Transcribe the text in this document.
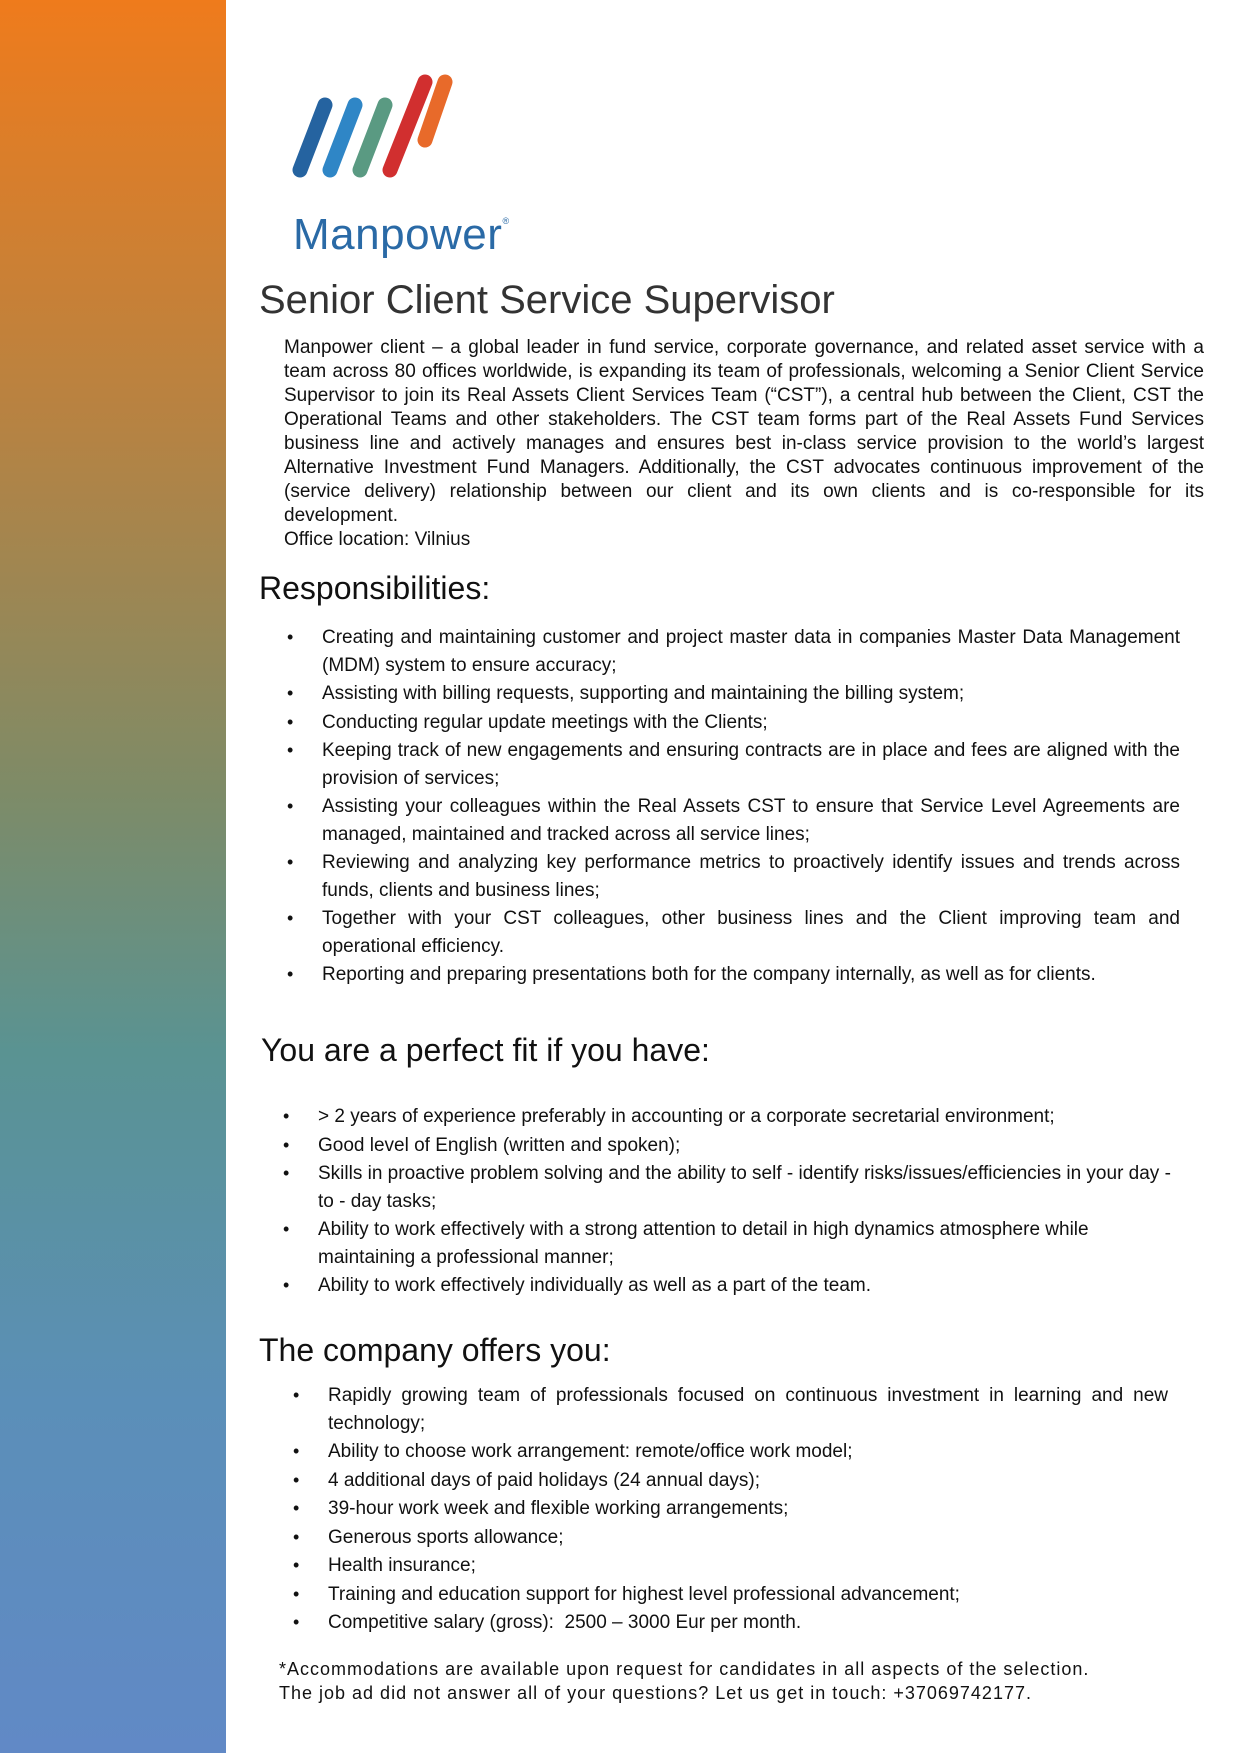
Manpower®
Senior Client Service Supervisor

Manpower client – a global leader in fund service, corporate governance, and related asset service with a team across 80 offices worldwide, is expanding its team of professionals, welcoming a Senior Client Service Supervisor to join its Real Assets Client Services Team (“CST”), a central hub between the Client, CST the Operational Teams and other stakeholders. The CST team forms part of the Real Assets Fund Services business line and actively manages and ensures best in-class service provision to the world’s largest Alternative Investment Fund Managers. Additionally, the CST advocates continuous improvement of the (service delivery) relationship between our client and its own clients and is co-responsible for its development.

Office location: Vilnius

Responsibilities:
• Creating and maintaining customer and project master data in companies Master Data Management (MDM) system to ensure accuracy;
• Assisting with billing requests, supporting and maintaining the billing system;
• Conducting regular update meetings with the Clients;
• Keeping track of new engagements and ensuring contracts are in place and fees are aligned with the provision of services;
• Assisting your colleagues within the Real Assets CST to ensure that Service Level Agreements are managed, maintained and tracked across all service lines;
• Reviewing and analyzing key performance metrics to proactively identify issues and trends across funds, clients and business lines;
• Together with your CST colleagues, other business lines and the Client improving team and operational efficiency.
• Reporting and preparing presentations both for the company internally, as well as for clients.
You are a perfect fit if you have:
• > 2 years of experience preferably in accounting or a corporate secretarial environment;
• Good level of English (written and spoken);
• Skills in proactive problem solving and the ability to self - identify risks/issues/efficiencies in your day - to - day tasks;
• Ability to work effectively with a strong attention to detail in high dynamics atmosphere while maintaining a professional manner;
• Ability to work effectively individually as well as a part of the team.
The company offers you:
• Rapidly growing team of professionals focused on continuous investment in learning and new technology;
• Ability to choose work arrangement: remote/office work model;
• 4 additional days of paid holidays (24 annual days);
• 39-hour work week and flexible working arrangements;
• Generous sports allowance;
• Health insurance;
• Training and education support for highest level professional advancement;
• Competitive salary (gross):  2500 – 3000 Eur per month.

*Accommodations are available upon request for candidates in all aspects of the selection.

The job ad did not answer all of your questions? Let us get in touch: +37069742177.
